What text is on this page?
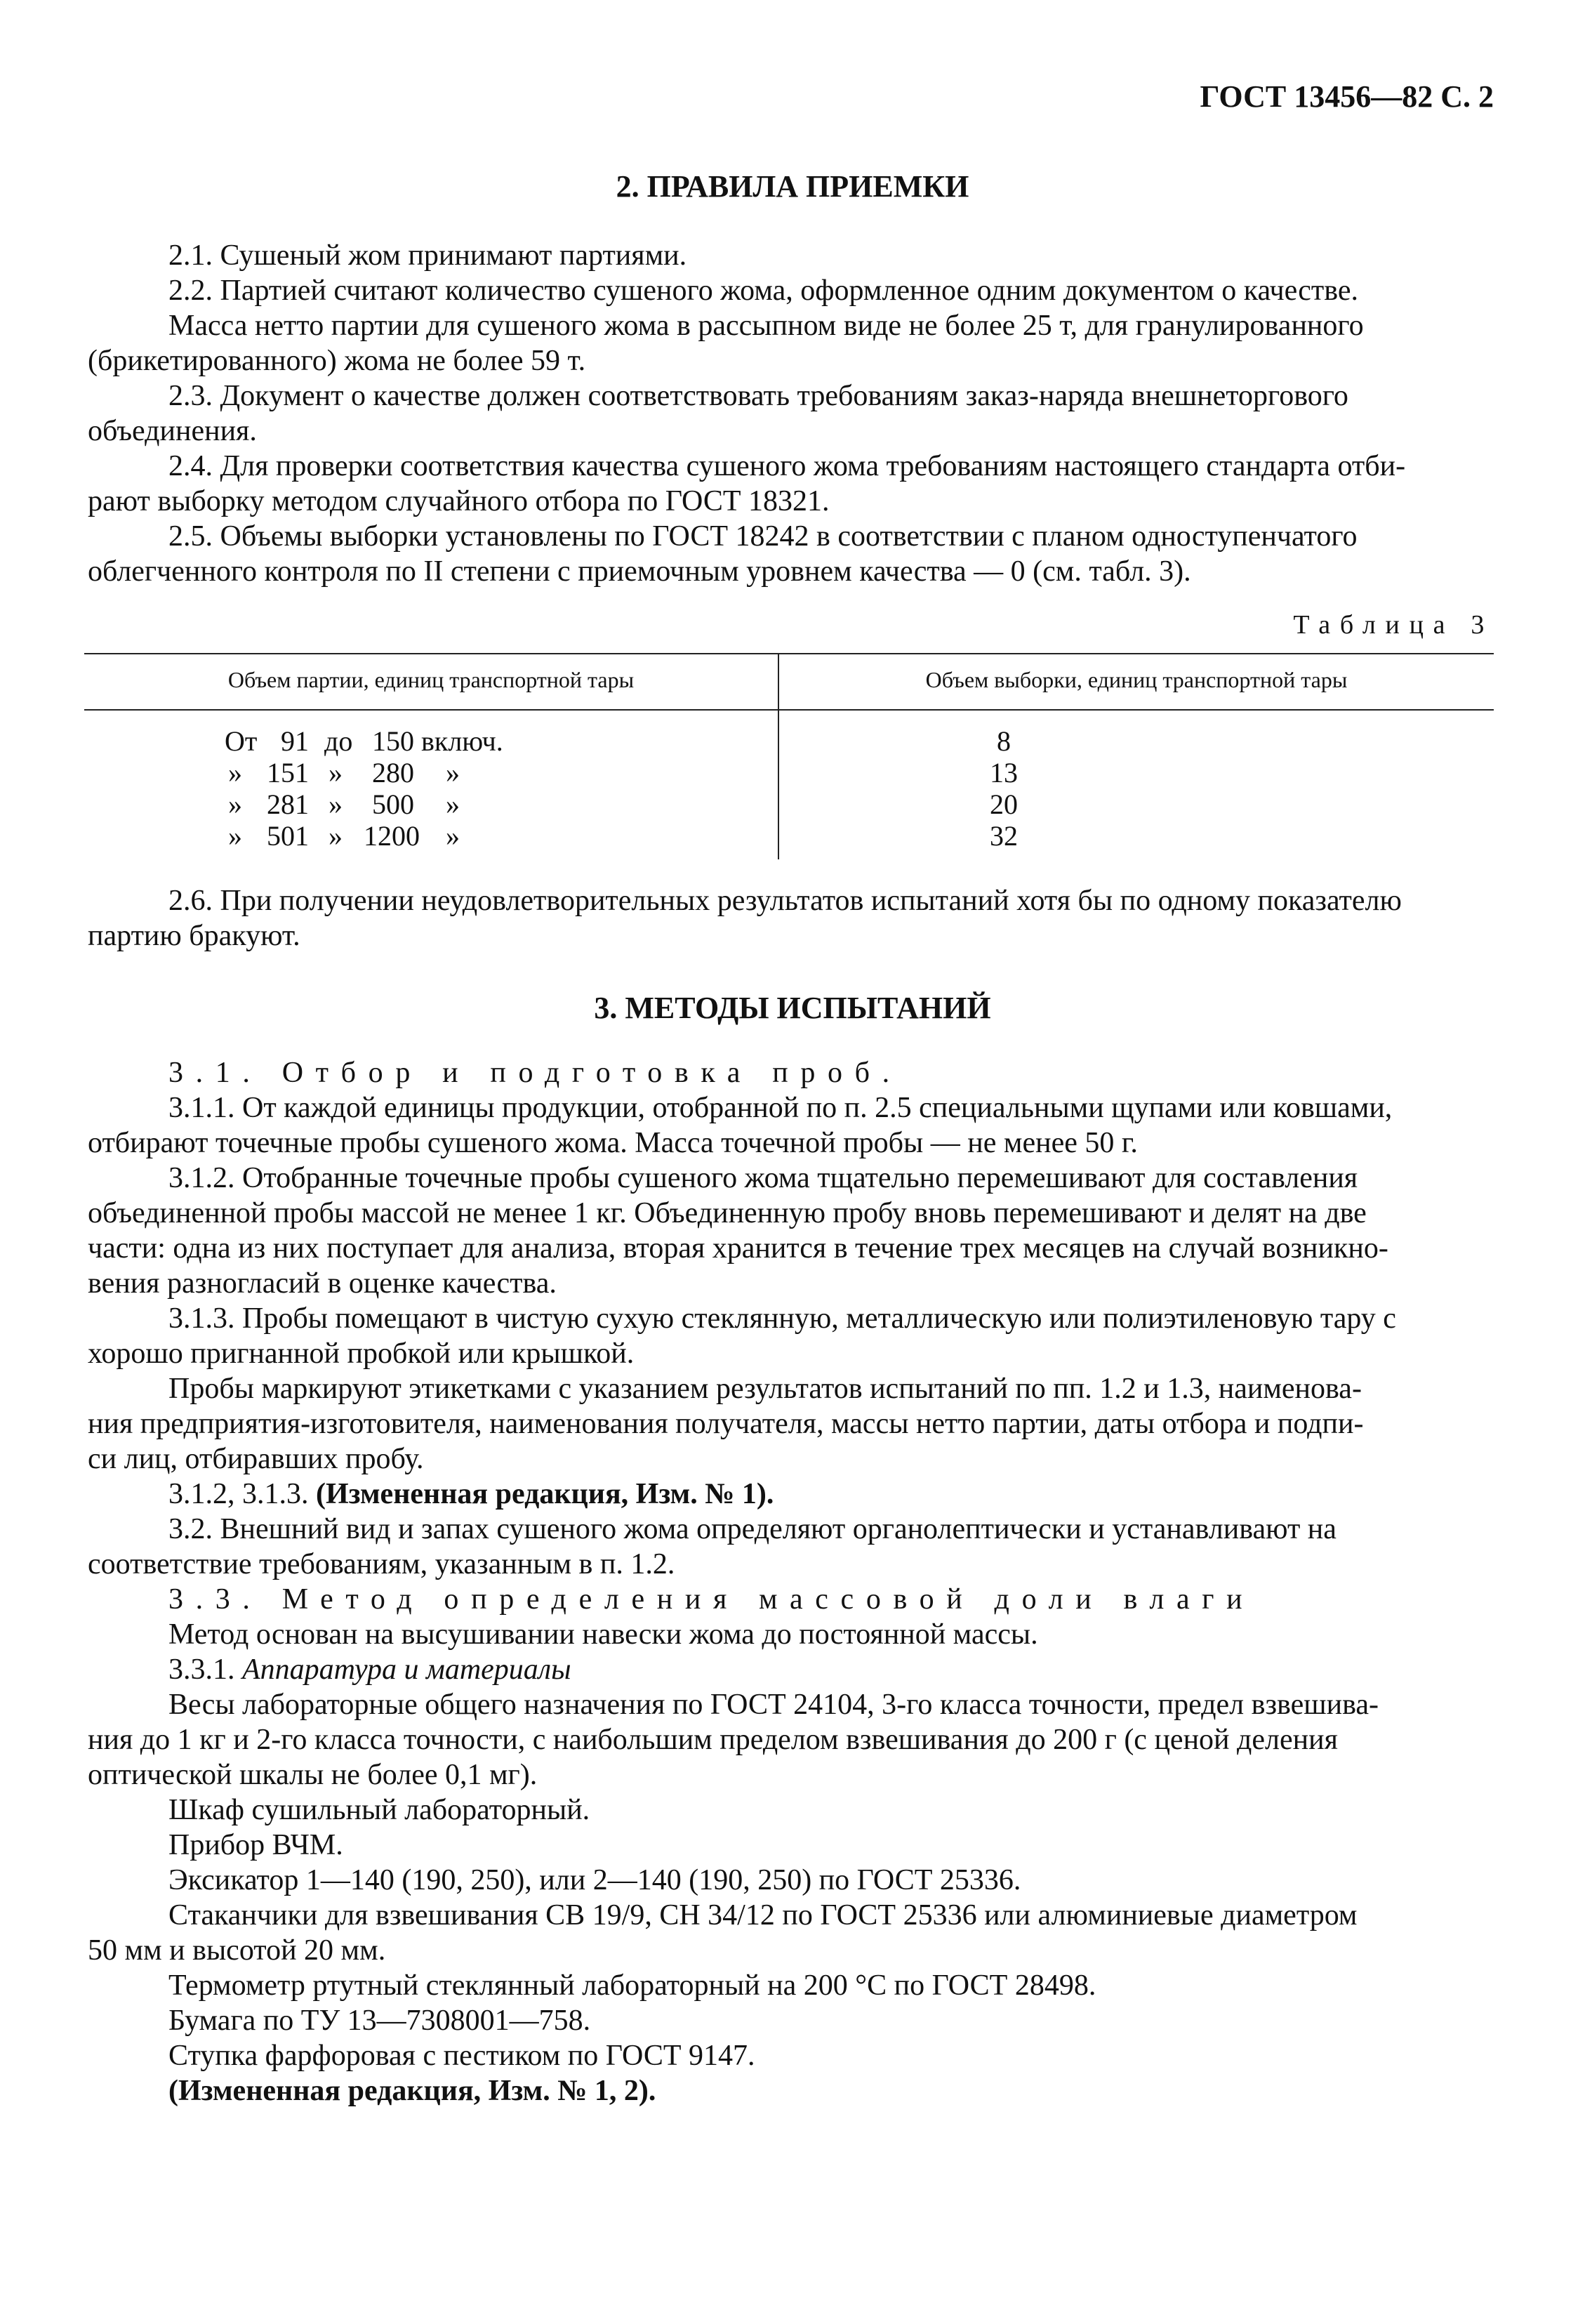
ГОСТ 13456—82 С. 2
2. ПРАВИЛА ПРИЕМКИ
2.1. Сушеный жом принимают партиями.
2.2. Партией считают количество сушеного жома, оформленное одним документом о качестве.
Масса нетто партии для сушеного жома в рассыпном виде не более 25 т, для гранулированного
(брикетированного) жома не более 59 т.
2.3. Документ о качестве должен соответствовать требованиям заказ-наряда внешнеторгового
объединения.
2.4. Для проверки соответствия качества сушеного жома требованиям настоящего стандарта отби-
рают выборку методом случайного отбора по ГОСТ 18321.
2.5. Объемы выборки установлены по ГОСТ 18242 в соответствии с планом одноступенчатого
облегченного контроля по II степени с приемочным уровнем качества — 0 (см. табл. 3).
Таблица 3
Объем партии, единиц транспортной тары	Объем выборки, единиц транспортной тары
От 91 до 150 включ.	8
» 151 » 280 »	13
» 281 » 500 »	20
» 501 » 1200 »	32
2.6. При получении неудовлетворительных результатов испытаний хотя бы по одному показателю
партию бракуют.
3. МЕТОДЫ ИСПЫТАНИЙ
3.1. Отбор и подготовка проб.
3.1.1. От каждой единицы продукции, отобранной по п. 2.5 специальными щупами или ковшами,
отбирают точечные пробы сушеного жома. Масса точечной пробы — не менее 50 г.
3.1.2. Отобранные точечные пробы сушеного жома тщательно перемешивают для составления
объединенной пробы массой не менее 1 кг. Объединенную пробу вновь перемешивают и делят на две
части: одна из них поступает для анализа, вторая хранится в течение трех месяцев на случай возникно-
вения разногласий в оценке качества.
3.1.3. Пробы помещают в чистую сухую стеклянную, металлическую или полиэтиленовую тару с
хорошо пригнанной пробкой или крышкой.
Пробы маркируют этикетками с указанием результатов испытаний по пп. 1.2 и 1.3, наименова-
ния предприятия-изготовителя, наименования получателя, массы нетто партии, даты отбора и подпи-
си лиц, отбиравших пробу.
3.1.2, 3.1.3. (Измененная редакция, Изм. № 1).
3.2. Внешний вид и запах сушеного жома определяют органолептически и устанавливают на
соответствие требованиям, указанным в п. 1.2.
3.3. Метод определения массовой доли влаги
Метод основан на высушивании навески жома до постоянной массы.
3.3.1. Аппаратура и материалы
Весы лабораторные общего назначения по ГОСТ 24104, 3-го класса точности, предел взвешива-
ния до 1 кг и 2-го класса точности, с наибольшим пределом взвешивания до 200 г (с ценой деления
оптической шкалы не более 0,1 мг).
Шкаф сушильный лабораторный.
Прибор ВЧМ.
Эксикатор 1—140 (190, 250), или 2—140 (190, 250) по ГОСТ 25336.
Стаканчики для взвешивания СВ 19/9, СН 34/12 по ГОСТ 25336 или алюминиевые диаметром
50 мм и высотой 20 мм.
Термометр ртутный стеклянный лабораторный на 200 °С по ГОСТ 28498.
Бумага по ТУ 13—7308001—758.
Ступка фарфоровая с пестиком по ГОСТ 9147.
(Измененная редакция, Изм. № 1, 2).
